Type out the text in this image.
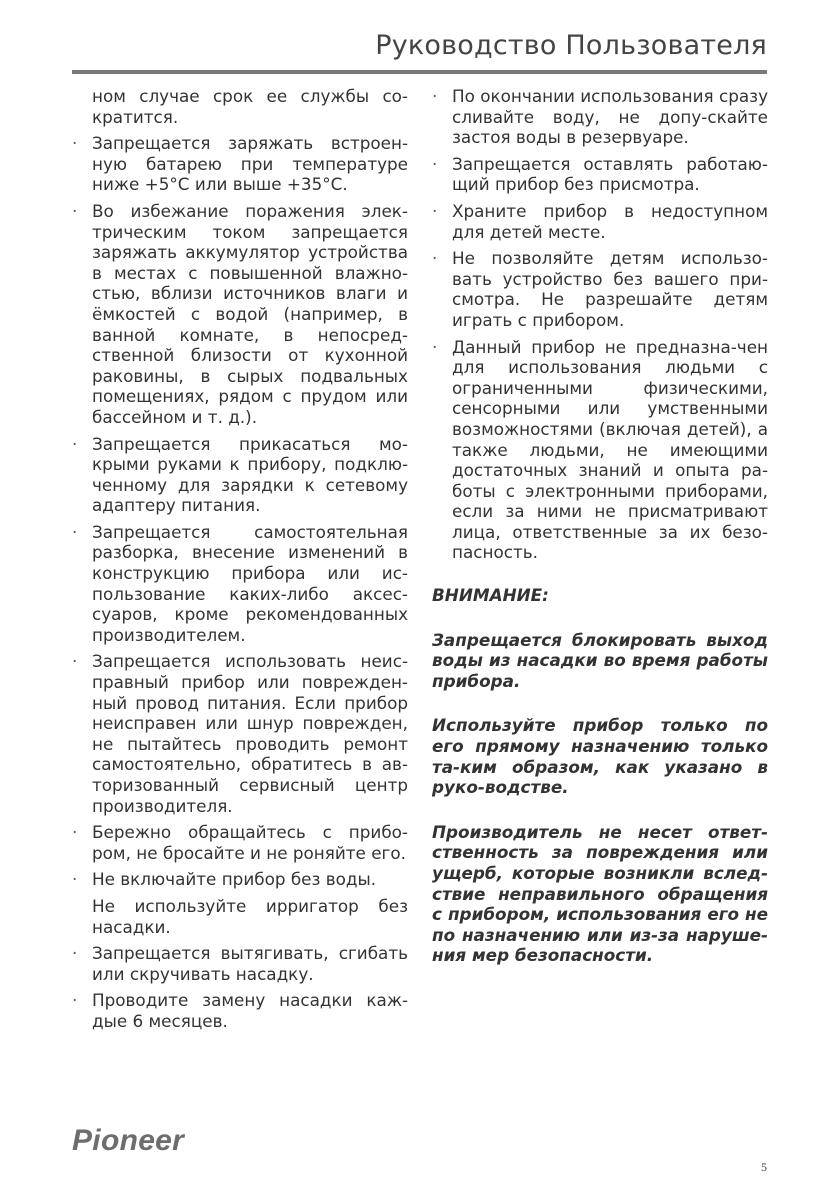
Руководство Пользователя
ном случае срок ее службы со-кратится.
· Запрещается заряжать встроен-ную батарею при температуре ниже +5°С или выше +35°С.
· Во избежание поражения элек-трическим током запрещается заряжать аккумулятор устройства в местах с повышенной влажно-стью, вблизи источников влаги и ёмкостей с водой (например, в ванной комнате, в непосред-ственной близости от кухонной раковины, в сырых подвальных помещениях, рядом с прудом или бассейном и т. д.).
· Запрещается прикасаться мо-крыми руками к прибору, подклю-ченному для зарядки к сетевому адаптеру питания.
· Запрещается самостоятельная разборка, внесение изменений в конструкцию прибора или ис-пользование каких-либо аксес-суаров, кроме рекомендованных производителем.
· Запрещается использовать неис-правный прибор или поврежден-ный провод питания. Если прибор неисправен или шнур поврежден, не пытайтесь проводить ремонт самостоятельно, обратитесь в ав-торизованный сервисный центр производителя.
· Бережно обращайтесь с прибо-ром, не бросайте и не роняйте его.
· Не включайте прибор без воды.
Не используйте ирригатор без насадки.
· Запрещается вытягивать, сгибать или скручивать насадку.
· Проводите замену насадки каж-дые 6 месяцев.
· По окончании использования сразу сливайте воду, не допу-скайте застоя воды в резервуаре.
· Запрещается оставлять работаю-щий прибор без присмотра.
· Храните прибор в недоступном для детей месте.
· Не позволяйте детям использо-вать устройство без вашего при-смотра. Не разрешайте детям играть с прибором.
· Данный прибор не предназна-чен для использования людьми с ограниченными физическими, сенсорными или умственными возможностями (включая детей), а также людьми, не имеющими достаточных знаний и опыта ра-боты с электронными приборами, если за ними не присматривают лица, ответственные за их безо-пасность.
ВНИМАНИЕ:
Запрещается блокировать выход воды из насадки во время работы прибора.
Используйте прибор только по его прямому назначению только та-ким образом, как указано в руко-водстве.
Производитель не несет ответ-ственность за повреждения или ущерб, которые возникли вслед-ствие неправильного обращения с прибором, использования его не по назначению или из-за наруше-ния мер безопасности.
Pioneer
5
